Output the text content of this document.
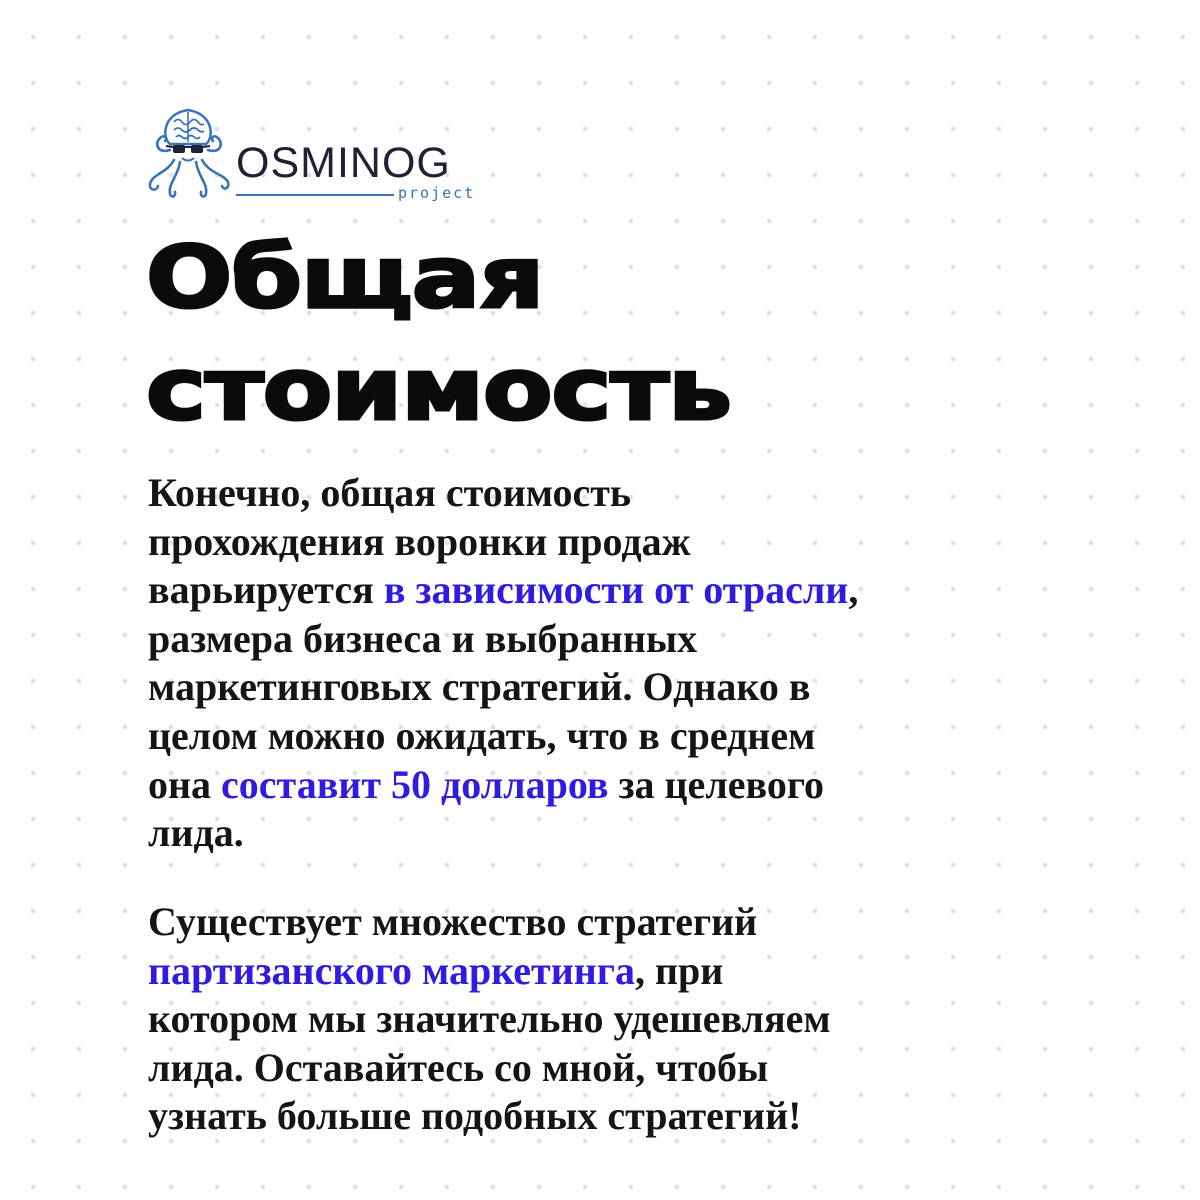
OSMINOG
project
Общая
стоимость
Конечно, общая стоимость
прохождения воронки продаж
варьируется в зависимости от отрасли,
размера бизнеса и выбранных
маркетинговых стратегий. Однако в
целом можно ожидать, что в среднем
она составит 50 долларов за целевого
лида.
Существует множество стратегий
партизанского маркетинга, при
котором мы значительно удешевляем
лида. Оставайтесь со мной, чтобы
узнать больше подобных стратегий!
